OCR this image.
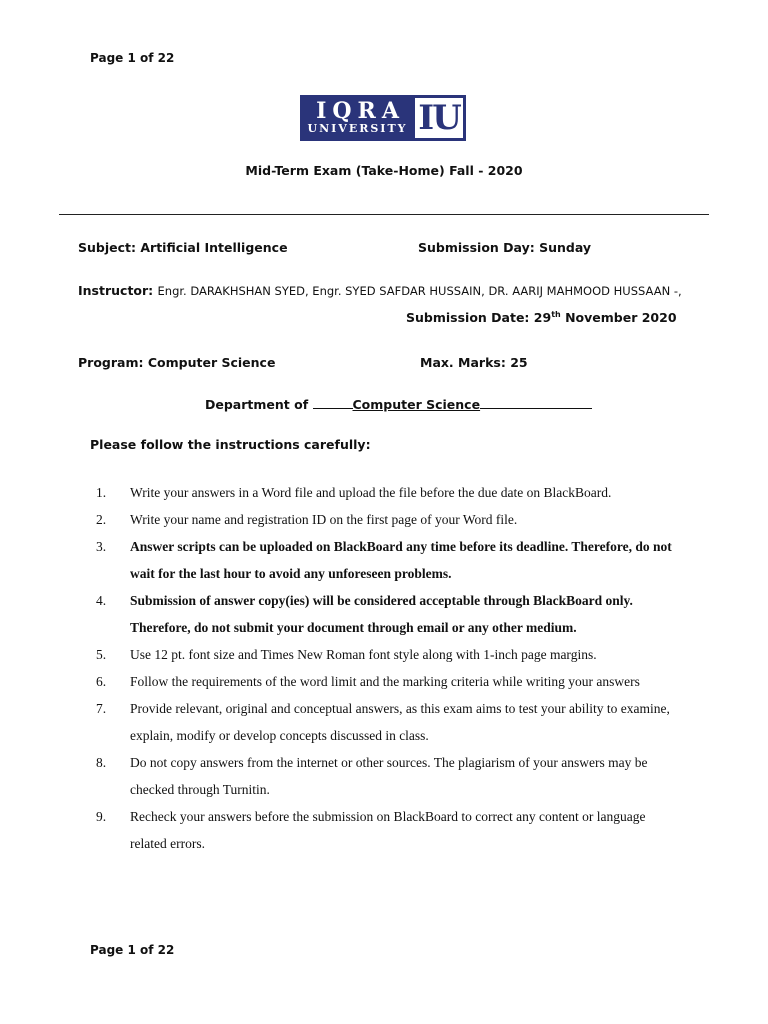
Page 1 of 22
IQRA
UNIVERSITY IU
Mid-Term Exam (Take-Home) Fall - 2020
Subject: Artificial Intelligence	Submission Day: Sunday
Instructor: Engr. DARAKHSHAN SYED, Engr. SYED SAFDAR HUSSAIN, DR. AARIJ MAHMOOD HUSSAAN -,
Submission Date: 29th November 2020
Program: Computer Science	Max. Marks: 25
Department of	Computer Science
Please follow the instructions carefully:
1.	Write your answers in a Word file and upload the file before the due date on BlackBoard.
2.	Write your name and registration ID on the first page of your Word file.
3.	Answer scripts can be uploaded on BlackBoard any time before its deadline. Therefore, do not wait for the last hour to avoid any unforeseen problems.
4.	Submission of answer copy(ies) will be considered acceptable through BlackBoard only. Therefore, do not submit your document through email or any other medium.
5.	Use 12 pt. font size and Times New Roman font style along with 1-inch page margins.
6.	Follow the requirements of the word limit and the marking criteria while writing your answers
7.	Provide relevant, original and conceptual answers, as this exam aims to test your ability to examine, explain, modify or develop concepts discussed in class.
8.	Do not copy answers from the internet or other sources. The plagiarism of your answers may be checked through Turnitin.
9.	Recheck your answers before the submission on BlackBoard to correct any content or language related errors.
Page 1 of 22
